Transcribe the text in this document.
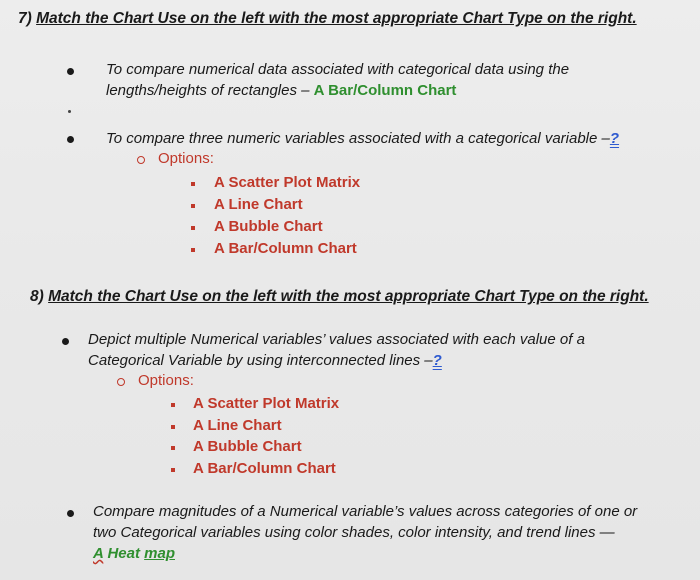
7) Match the Chart Use on the left with the most appropriate Chart Type on the right.
To compare numerical data associated with categorical data using the lengths/heights of rectangles – A Bar/Column Chart
To compare three numeric variables associated with a categorical variable –?
Options:
A Scatter Plot Matrix
A Line Chart
A Bubble Chart
A Bar/Column Chart
8) Match the Chart Use on the left with the most appropriate Chart Type on the right.
Depict multiple Numerical variables’ values associated with each value of a
Categorical Variable by using interconnected lines –?
Options:
A Scatter Plot Matrix
A Line Chart
A Bubble Chart
A Bar/Column Chart
Compare magnitudes of a Numerical variable’s values across categories of one or
two Categorical variables using color shades, color intensity, and trend lines —
A Heat map
